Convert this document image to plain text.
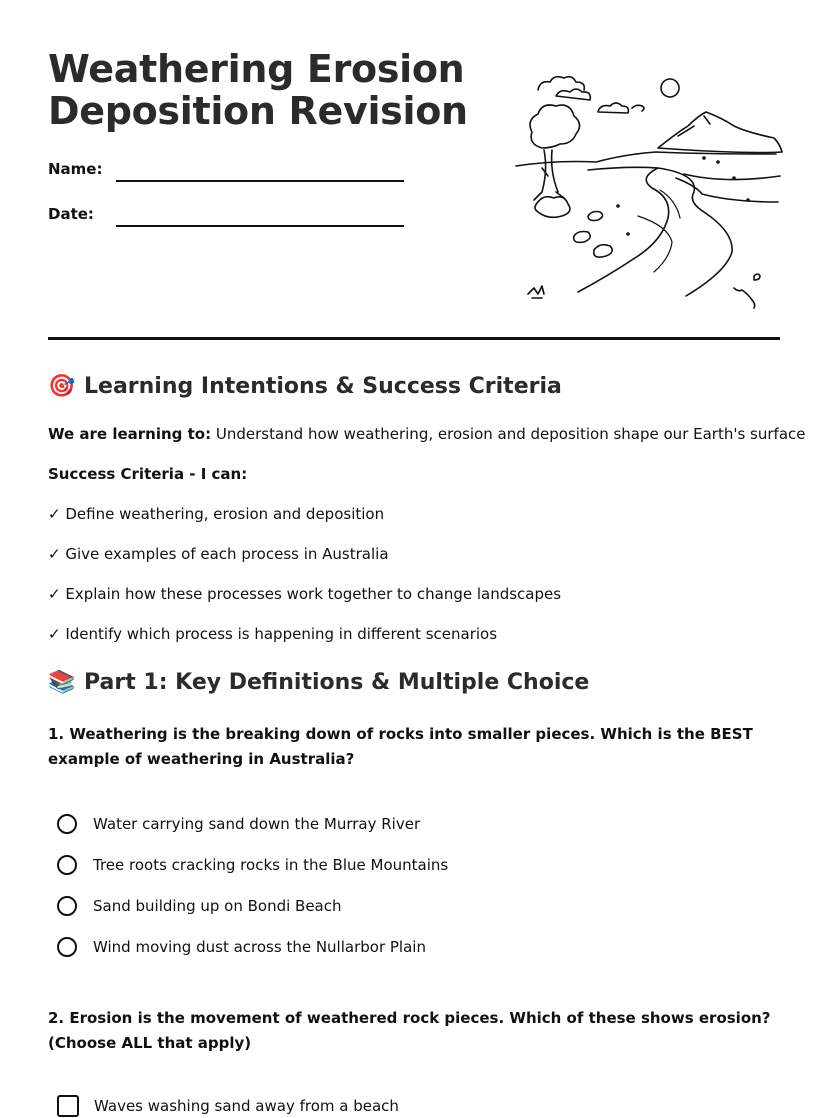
Weathering Erosion
Deposition Revision
Name:
Date:
🎯 Learning Intentions & Success Criteria
We are learning to: Understand how weathering, erosion and deposition shape our Earth's surface
Success Criteria - I can:
✓ Define weathering, erosion and deposition
✓ Give examples of each process in Australia
✓ Explain how these processes work together to change landscapes
✓ Identify which process is happening in different scenarios
📚 Part 1: Key Definitions & Multiple Choice
1. Weathering is the breaking down of rocks into smaller pieces. Which is the BEST example of weathering in Australia?
Water carrying sand down the Murray River
Tree roots cracking rocks in the Blue Mountains
Sand building up on Bondi Beach
Wind moving dust across the Nullarbor Plain
2. Erosion is the movement of weathered rock pieces. Which of these shows erosion? (Choose ALL that apply)
Waves washing sand away from a beach
